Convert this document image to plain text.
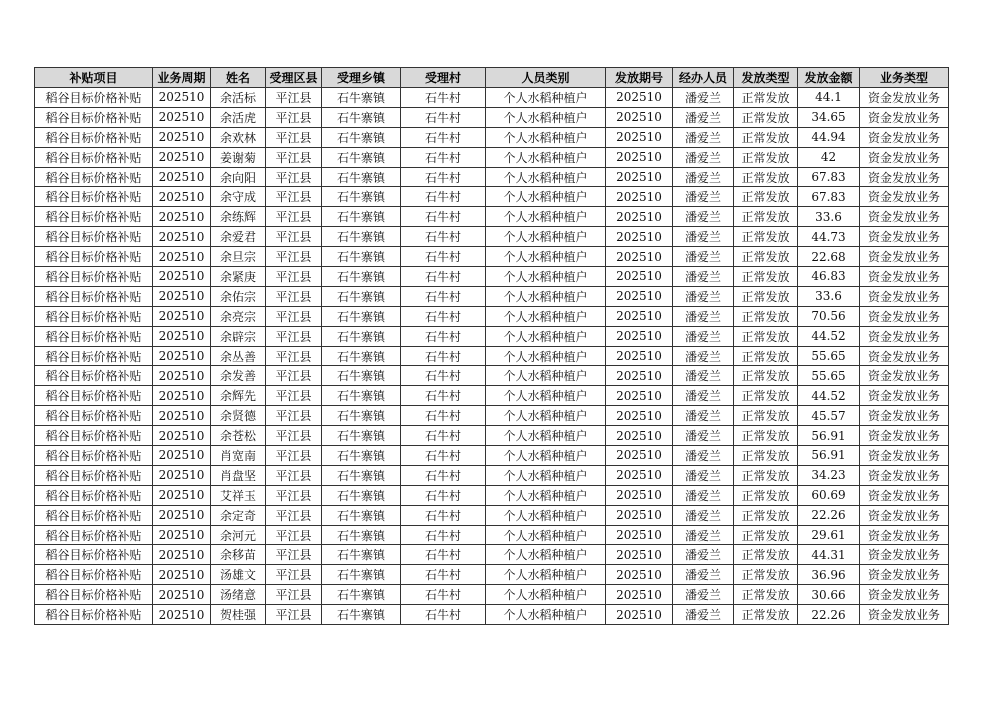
补贴项目	业务周期	姓名	受理区县	受理乡镇	受理村	人员类别	发放期号	经办人员	发放类型	发放金额	业务类型
稻谷目标价格补贴	202510	余活标	平江县	石牛寨镇	石牛村	个人水稻种植户	202510	潘爱兰	正常发放	44.1	资金发放业务
稻谷目标价格补贴	202510	余活虎	平江县	石牛寨镇	石牛村	个人水稻种植户	202510	潘爱兰	正常发放	34.65	资金发放业务
稻谷目标价格补贴	202510	余欢林	平江县	石牛寨镇	石牛村	个人水稻种植户	202510	潘爱兰	正常发放	44.94	资金发放业务
稻谷目标价格补贴	202510	姜谢菊	平江县	石牛寨镇	石牛村	个人水稻种植户	202510	潘爱兰	正常发放	42	资金发放业务
稻谷目标价格补贴	202510	余向阳	平江县	石牛寨镇	石牛村	个人水稻种植户	202510	潘爱兰	正常发放	67.83	资金发放业务
稻谷目标价格补贴	202510	余守成	平江县	石牛寨镇	石牛村	个人水稻种植户	202510	潘爱兰	正常发放	67.83	资金发放业务
稻谷目标价格补贴	202510	余练辉	平江县	石牛寨镇	石牛村	个人水稻种植户	202510	潘爱兰	正常发放	33.6	资金发放业务
稻谷目标价格补贴	202510	余爱君	平江县	石牛寨镇	石牛村	个人水稻种植户	202510	潘爱兰	正常发放	44.73	资金发放业务
稻谷目标价格补贴	202510	余旦宗	平江县	石牛寨镇	石牛村	个人水稻种植户	202510	潘爱兰	正常发放	22.68	资金发放业务
稻谷目标价格补贴	202510	余紧庚	平江县	石牛寨镇	石牛村	个人水稻种植户	202510	潘爱兰	正常发放	46.83	资金发放业务
稻谷目标价格补贴	202510	余佑宗	平江县	石牛寨镇	石牛村	个人水稻种植户	202510	潘爱兰	正常发放	33.6	资金发放业务
稻谷目标价格补贴	202510	余亮宗	平江县	石牛寨镇	石牛村	个人水稻种植户	202510	潘爱兰	正常发放	70.56	资金发放业务
稻谷目标价格补贴	202510	余辟宗	平江县	石牛寨镇	石牛村	个人水稻种植户	202510	潘爱兰	正常发放	44.52	资金发放业务
稻谷目标价格补贴	202510	余丛善	平江县	石牛寨镇	石牛村	个人水稻种植户	202510	潘爱兰	正常发放	55.65	资金发放业务
稻谷目标价格补贴	202510	余发善	平江县	石牛寨镇	石牛村	个人水稻种植户	202510	潘爱兰	正常发放	55.65	资金发放业务
稻谷目标价格补贴	202510	余辉先	平江县	石牛寨镇	石牛村	个人水稻种植户	202510	潘爱兰	正常发放	44.52	资金发放业务
稻谷目标价格补贴	202510	余贤德	平江县	石牛寨镇	石牛村	个人水稻种植户	202510	潘爱兰	正常发放	45.57	资金发放业务
稻谷目标价格补贴	202510	余苍松	平江县	石牛寨镇	石牛村	个人水稻种植户	202510	潘爱兰	正常发放	56.91	资金发放业务
稻谷目标价格补贴	202510	肖宽南	平江县	石牛寨镇	石牛村	个人水稻种植户	202510	潘爱兰	正常发放	56.91	资金发放业务
稻谷目标价格补贴	202510	肖盘坚	平江县	石牛寨镇	石牛村	个人水稻种植户	202510	潘爱兰	正常发放	34.23	资金发放业务
稻谷目标价格补贴	202510	艾祥玉	平江县	石牛寨镇	石牛村	个人水稻种植户	202510	潘爱兰	正常发放	60.69	资金发放业务
稻谷目标价格补贴	202510	余定奇	平江县	石牛寨镇	石牛村	个人水稻种植户	202510	潘爱兰	正常发放	22.26	资金发放业务
稻谷目标价格补贴	202510	余河元	平江县	石牛寨镇	石牛村	个人水稻种植户	202510	潘爱兰	正常发放	29.61	资金发放业务
稻谷目标价格补贴	202510	余移苗	平江县	石牛寨镇	石牛村	个人水稻种植户	202510	潘爱兰	正常发放	44.31	资金发放业务
稻谷目标价格补贴	202510	汤雄文	平江县	石牛寨镇	石牛村	个人水稻种植户	202510	潘爱兰	正常发放	36.96	资金发放业务
稻谷目标价格补贴	202510	汤绪意	平江县	石牛寨镇	石牛村	个人水稻种植户	202510	潘爱兰	正常发放	30.66	资金发放业务
稻谷目标价格补贴	202510	贺桂强	平江县	石牛寨镇	石牛村	个人水稻种植户	202510	潘爱兰	正常发放	22.26	资金发放业务
